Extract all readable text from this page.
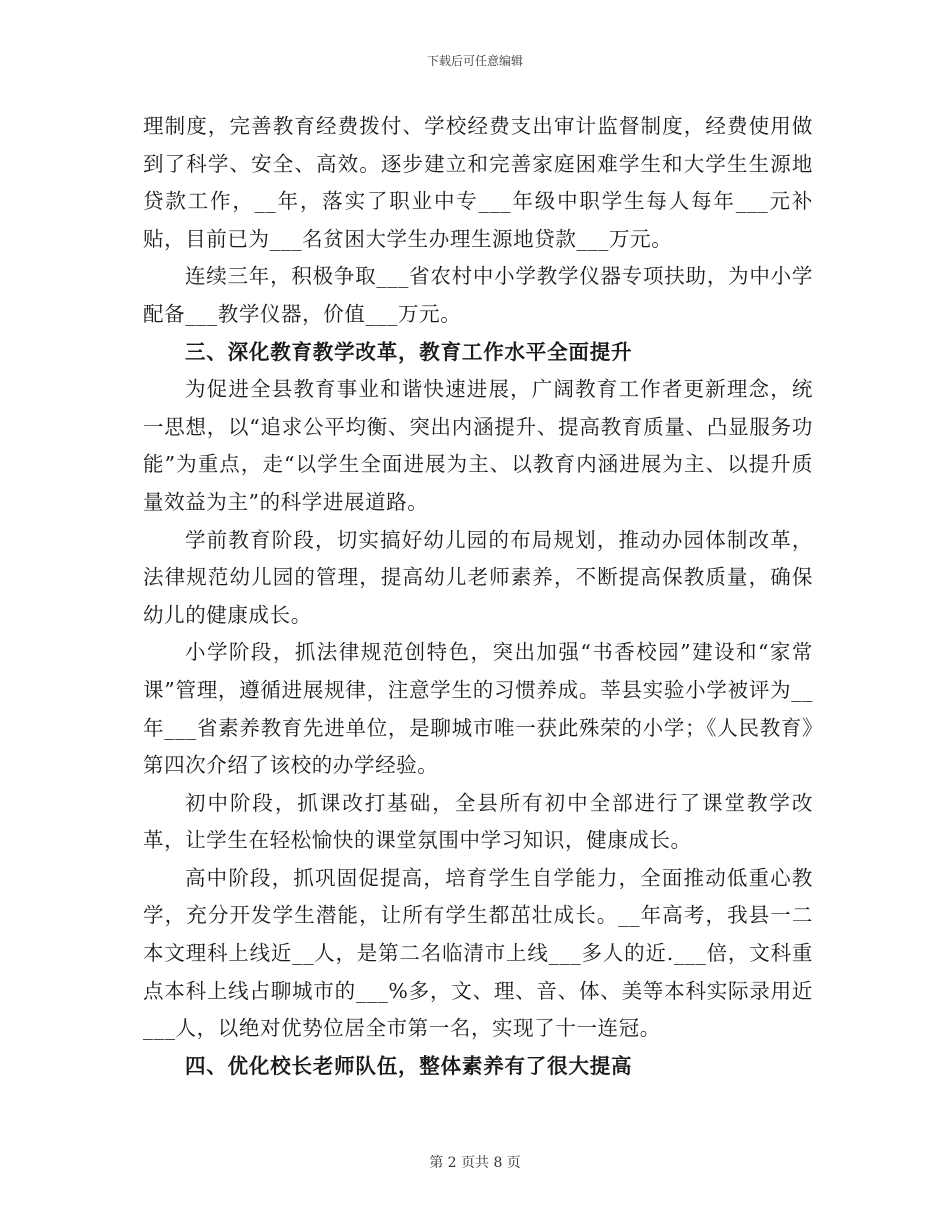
下载后可任意编辑

理制度，完善教育经费拨付、学校经费支出审计监督制度，经费使用做到了科学、安全、高效。逐步建立和完善家庭困难学生和大学生生源地贷款工作，__年，落实了职业中专___年级中职学生每人每年___元补贴，目前已为___名贫困大学生办理生源地贷款___万元。

连续三年，积极争取___省农村中小学教学仪器专项扶助，为中小学配备___教学仪器，价值___万元。

三、深化教育教学改革，教育工作水平全面提升

为促进全县教育事业和谐快速进展，广阔教育工作者更新理念，统一思想，以“追求公平均衡、突出内涵提升、提高教育质量、凸显服务功能”为重点，走“以学生全面进展为主、以教育内涵进展为主、以提升质量效益为主”的科学进展道路。

学前教育阶段，切实搞好幼儿园的布局规划，推动办园体制改革，法律规范幼儿园的管理，提高幼儿老师素养，不断提高保教质量，确保幼儿的健康成长。

小学阶段，抓法律规范创特色，突出加强“书香校园”建设和“家常课”管理，遵循进展规律，注意学生的习惯养成。莘县实验小学被评为__年___省素养教育先进单位，是聊城市唯一获此殊荣的小学；《人民教育》第四次介绍了该校的办学经验。

初中阶段，抓课改打基础，全县所有初中全部进行了课堂教学改革，让学生在轻松愉快的课堂氛围中学习知识，健康成长。

高中阶段，抓巩固促提高，培育学生自学能力，全面推动低重心教学，充分开发学生潜能，让所有学生都茁壮成长。__年高考，我县一二本文理科上线近__人，是第二名临清市上线___多人的近.___倍，文科重点本科上线占聊城市的___%多，文、理、音、体、美等本科实际录用近___人，以绝对优势位居全市第一名，实现了十一连冠。

四、优化校长老师队伍，整体素养有了很大提高

第 2 页共 8 页
